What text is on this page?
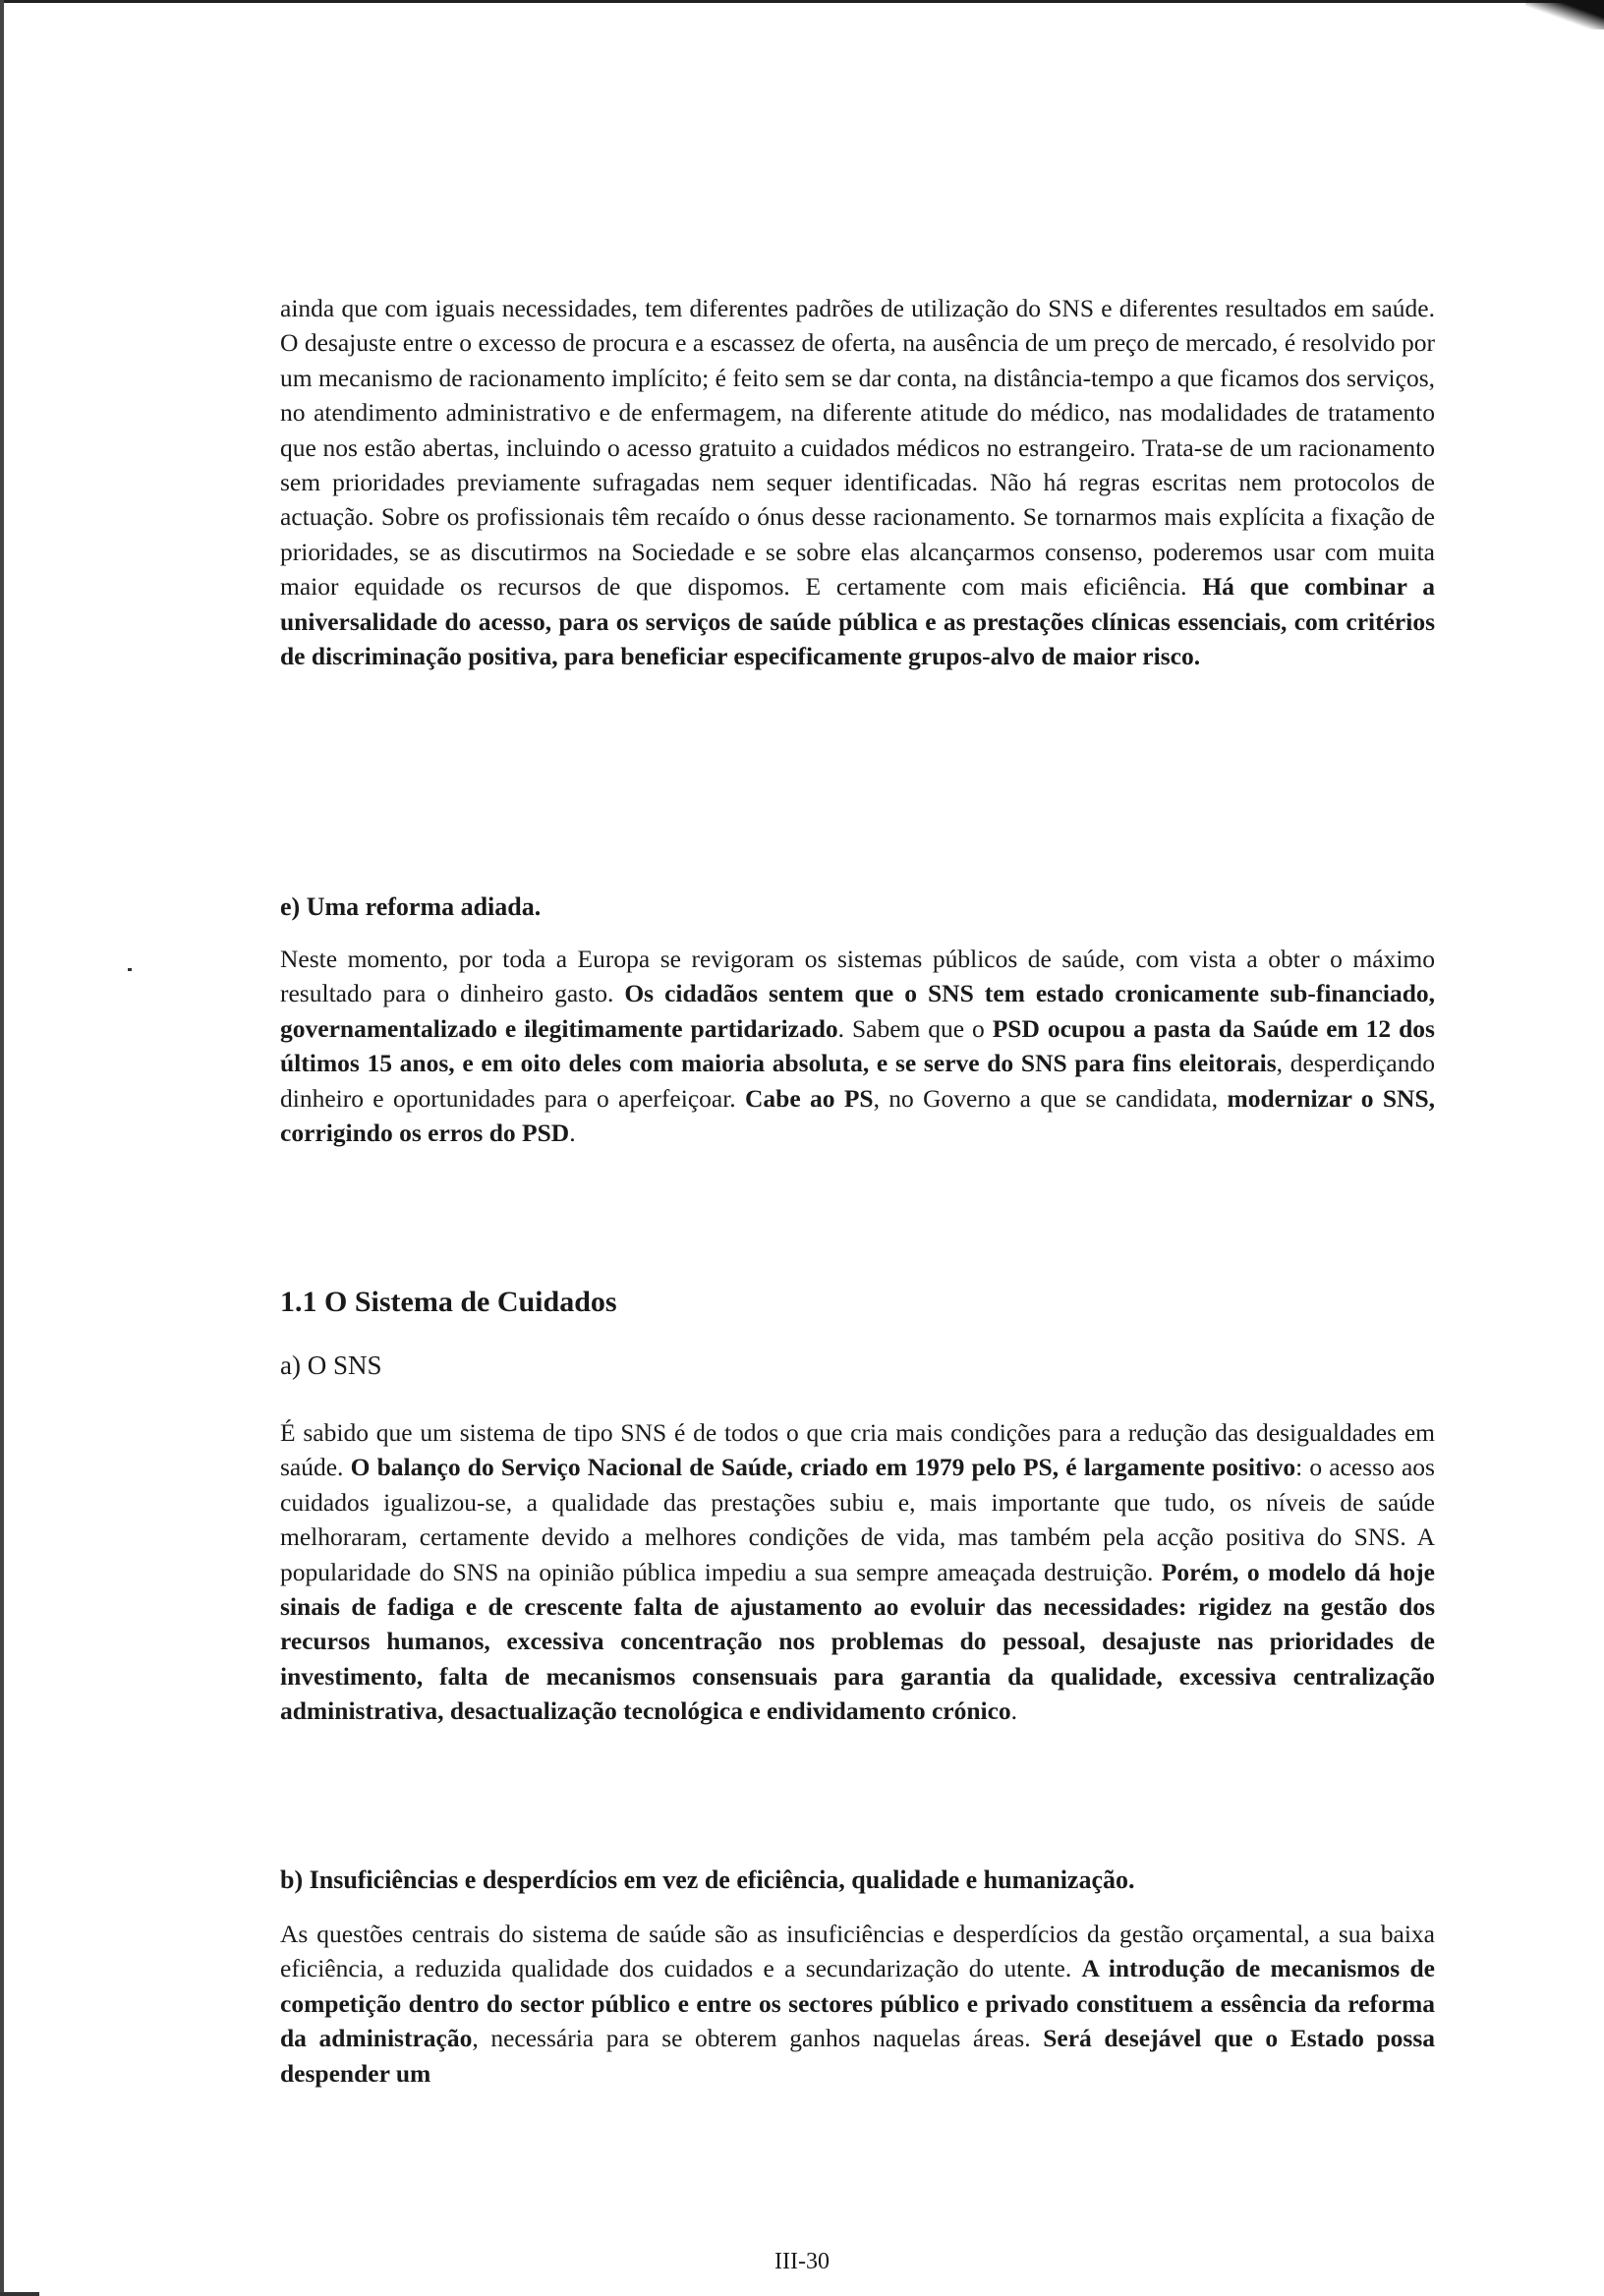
ainda que com iguais necessidades, tem diferentes padrões de utilização do SNS e diferentes resultados em saúde. O desajuste entre o excesso de procura e a escassez de oferta, na ausência de um preço de mercado, é resolvido por um mecanismo de racionamento implícito; é feito sem se dar conta, na distância-tempo a que ficamos dos serviços, no atendimento administrativo e de enfermagem, na diferente atitude do médico, nas modalidades de tratamento que nos estão abertas, incluindo o acesso gratuito a cuidados médicos no estrangeiro. Trata-se de um racionamento sem prioridades previamente sufragadas nem sequer identificadas. Não há regras escritas nem protocolos de actuação. Sobre os profissionais têm recaído o ónus desse racionamento. Se tornarmos mais explícita a fixação de prioridades, se as discutirmos na Sociedade e se sobre elas alcançarmos consenso, poderemos usar com muita maior equidade os recursos de que dispomos. E certamente com mais eficiência. Há que combinar a universalidade do acesso, para os serviços de saúde pública e as prestações clínicas essenciais, com critérios de discriminação positiva, para beneficiar especificamente grupos-alvo de maior risco.

e) Uma reforma adiada.

Neste momento, por toda a Europa se revigoram os sistemas públicos de saúde, com vista a obter o máximo resultado para o dinheiro gasto. Os cidadãos sentem que o SNS tem estado cronicamente sub-financiado, governamentalizado e ilegitimamente partidarizado. Sabem que o PSD ocupou a pasta da Saúde em 12 dos últimos 15 anos, e em oito deles com maioria absoluta, e se serve do SNS para fins eleitorais, desperdiçando dinheiro e oportunidades para o aperfeiçoar. Cabe ao PS, no Governo a que se candidata, modernizar o SNS, corrigindo os erros do PSD.

1.1 O Sistema de Cuidados

a) O SNS

É sabido que um sistema de tipo SNS é de todos o que cria mais condições para a redução das desigualdades em saúde. O balanço do Serviço Nacional de Saúde, criado em 1979 pelo PS, é largamente positivo: o acesso aos cuidados igualizou-se, a qualidade das prestações subiu e, mais importante que tudo, os níveis de saúde melhoraram, certamente devido a melhores condições de vida, mas também pela acção positiva do SNS. A popularidade do SNS na opinião pública impediu a sua sempre ameaçada destruição. Porém, o modelo dá hoje sinais de fadiga e de crescente falta de ajustamento ao evoluir das necessidades: rigidez na gestão dos recursos humanos, excessiva concentração nos problemas do pessoal, desajuste nas prioridades de investimento, falta de mecanismos consensuais para garantia da qualidade, excessiva centralização administrativa, desactualização tecnológica e endividamento crónico.

b) Insuficiências e desperdícios em vez de eficiência, qualidade e humanização.

As questões centrais do sistema de saúde são as insuficiências e desperdícios da gestão orçamental, a sua baixa eficiência, a reduzida qualidade dos cuidados e a secundarização do utente. A introdução de mecanismos de competição dentro do sector público e entre os sectores público e privado constituem a essência da reforma da administração, necessária para se obterem ganhos naquelas áreas. Será desejável que o Estado possa despender um

III-30
